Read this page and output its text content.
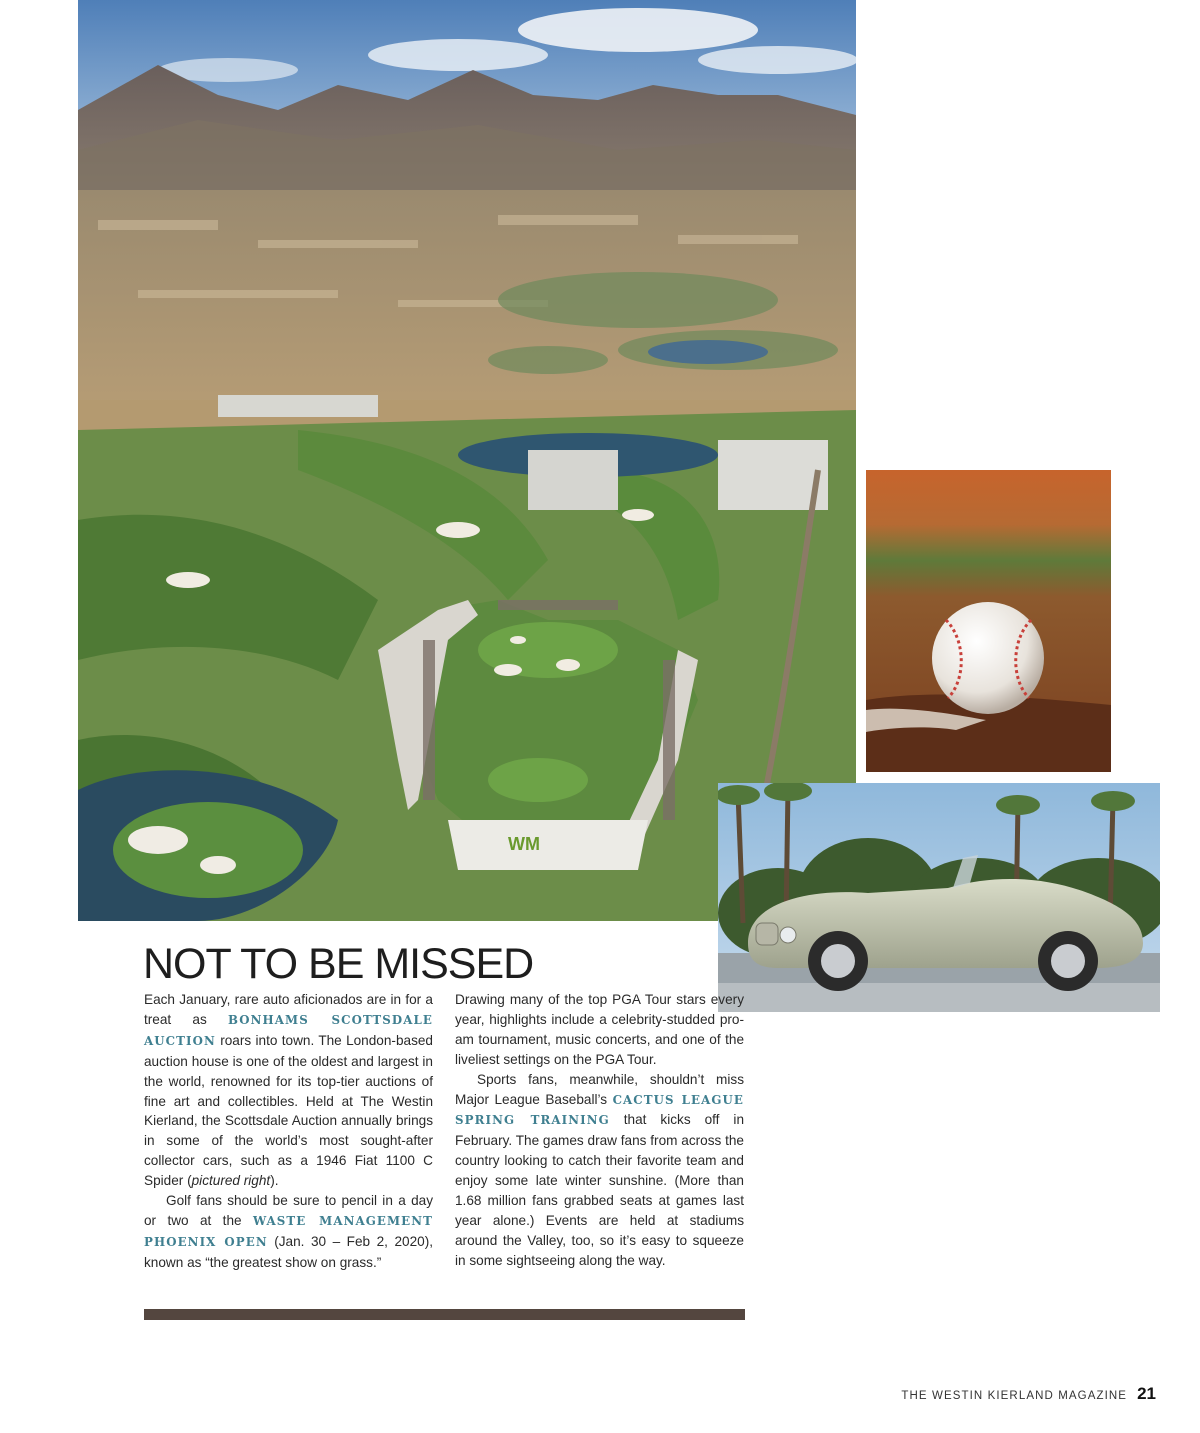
WM
NOT TO BE MISSED

Each January, rare auto aficionados are in for a treat as BONHAMS SCOTTSDALE AUCTION roars into town. The London-based auction house is one of the oldest and largest in the world, renowned for its top-tier auctions of fine art and collectibles. Held at The Westin Kierland, the Scottsdale Auction annually brings in some of the world’s most sought-after collector cars, such as a 1946 Fiat 1100 C Spider (pictured right).

Golf fans should be sure to pencil in a day or two at the WASTE MANAGEMENT PHOENIX OPEN (Jan. 30 – Feb 2, 2020), known as “the greatest show on grass.”

Drawing many of the top PGA Tour stars every year, highlights include a celebrity-studded pro-am tournament, music concerts, and one of the liveliest settings on the PGA Tour.

Sports fans, meanwhile, shouldn’t miss Major League Baseball’s CACTUS LEAGUE SPRING TRAINING that kicks off in February. The games draw fans from across the country looking to catch their favorite team and enjoy some late winter sunshine. (More than 1.68 million fans grabbed seats at games last year alone.) Events are held at stadiums around the Valley, too, so it’s easy to squeeze in some sightseeing along the way.

THE WESTIN KIERLAND MAGAZINE 21
